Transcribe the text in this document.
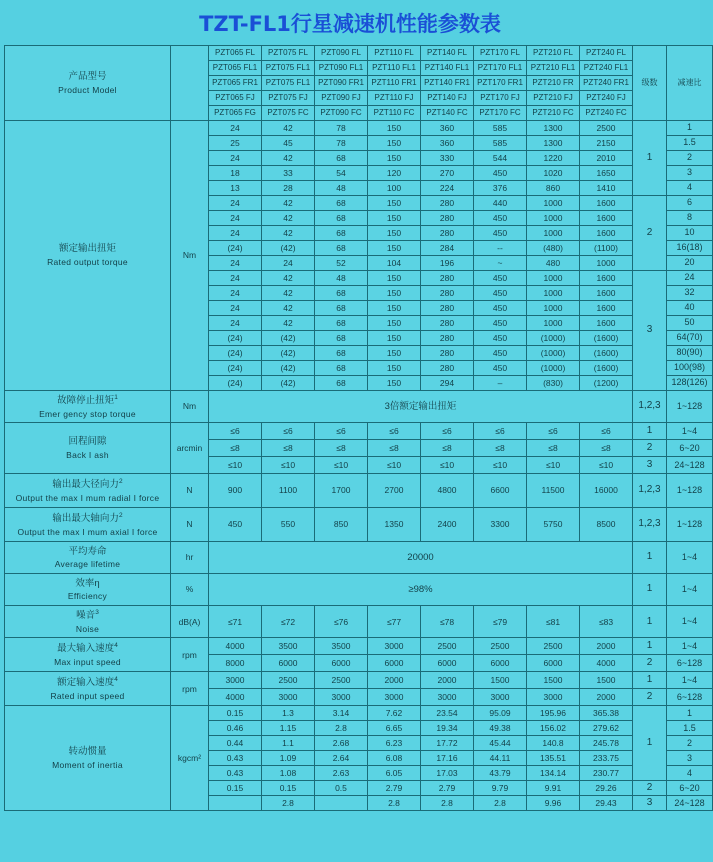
TZT-FL1行星减速机性能参数表
产品型号
Product Model		PZT065 FL	PZT075 FL	PZT090 FL	PZT110 FL	PZT140 FL	PZT170 FL	PZT210 FL	PZT240 FL	级数	减速比
		PZT065 FL1	PZT075 FL1	PZT090 FL1	PZT110 FL1	PZT140 FL1	PZT170 FL1	PZT210 FL1	PZT240 FL1		
		PZT065 FR1	PZT075 FL1	PZT090 FR1	PZT110 FR1	PZT140 FR1	PZT170 FR1	PZT210 FR	PZT240 FR1		
		PZT065 FJ	PZT075 FJ	PZT090 FJ	PZT110 FJ	PZT140 FJ	PZT170 FJ	PZT210 FJ	PZT240 FJ		
		PZT065 FG	PZT075 FC	PZT090 FC	PZT110 FC	PZT140 FC	PZT170 FC	PZT210 FC	PZT240 FC		

额定输出扭矩
Rated output torque	Nm	24	42	78	150	360	585	1300	2500	1	1
		25	45	78	150	360	585	1300	2150		1.5
		24	42	68	150	330	544	1220	2010		2
		18	33	54	120	270	450	1020	1650		3
		13	28	48	100	224	376	860	1410		4
		24	42	68	150	280	440	1000	1600	2	6
		24	42	68	150	280	450	1000	1600		8
		24	42	68	150	280	450	1000	1600		10
		(24)	(42)	68	150	284	--	(480)	(1100)		16(18)
		24	24	52	104	196	~	480	1000		20
		24	42	48	150	280	450	1000	1600	3	24
		24	42	68	150	280	450	1000	1600		32
		24	42	68	150	280	450	1000	1600		40
		24	42	68	150	280	450	1000	1600		50
		(24)	(42)	68	150	280	450	(1000)	(1600)		64(70)
		(24)	(42)	68	150	280	450	(1000)	(1600)		80(90)
		(24)	(42)	68	150	280	450	(1000)	(1600)		100(98)
		(24)	(42)	68	150	294	–	(830)	(1200)		128(126)

故障停止扭矩$^1$
Emer gency stop torque	Nm	3倍额定输出扭矩								1,2,3	1~128

回程间隙
Back I ash	arcmin	≤6	≤6	≤6	≤6	≤6	≤6	≤6	≤6	1	1~4
		≤8	≤8	≤8	≤8	≤8	≤8	≤8	≤8	2	6~20
		≤10	≤10	≤10	≤10	≤10	≤10	≤10	≤10	3	24~128

输出最大径向力$^2$
Output the max I mum radial I force	N	900	1100	1700	2700	4800	6600	11500	16000	1,2,3	1~128

输出最大轴向力$^2$
Output the max I mum axial I force	N	450	550	850	1350	2400	3300	5750	8500	1,2,3	1~128

平均寿命
Average lifetime	hr	20000								1	1~4

效率η
Efficiency	%	≥98%								1	1~4

噪音$^3$
Noise	dB(A)	≤71	≤72	≤76	≤77	≤78	≤79	≤81	≤83	1	1~4

最大输入速度$^4$
Max input speed	rpm	4000	3500	3500	3000	2500	2500	2500	2000	1	1~4
		8000	6000	6000	6000	6000	6000	6000	4000	2	6~128

额定输入速度$^4$
Rated input speed	rpm	3000	2500	2500	2000	2000	1500	1500	1500	1	1~4
		4000	3000	3000	3000	3000	3000	3000	2000	2	6~128

转动惯量
Moment of inertia	kgcm²	0.15	1.3	3.14	7.62	23.54	95.09	195.96	365.38	1	1
		0.46	1.15	2.8	6.65	19.34	49.38	156.02	279.62		1.5
		0.44	1.1	2.68	6.23	17.72	45.44	140.8	245.78		2
		0.43	1.09	2.64	6.08	17.16	44.11	135.51	233.75		3
		0.43	1.08	2.63	6.05	17.03	43.79	134.14	230.77		4
		0.15	0.15	0.5	2.79	2.79	9.79	9.91	29.26	2	6~20
			2.8		2.8	2.8	2.8	9.96	29.43	3	24~128
